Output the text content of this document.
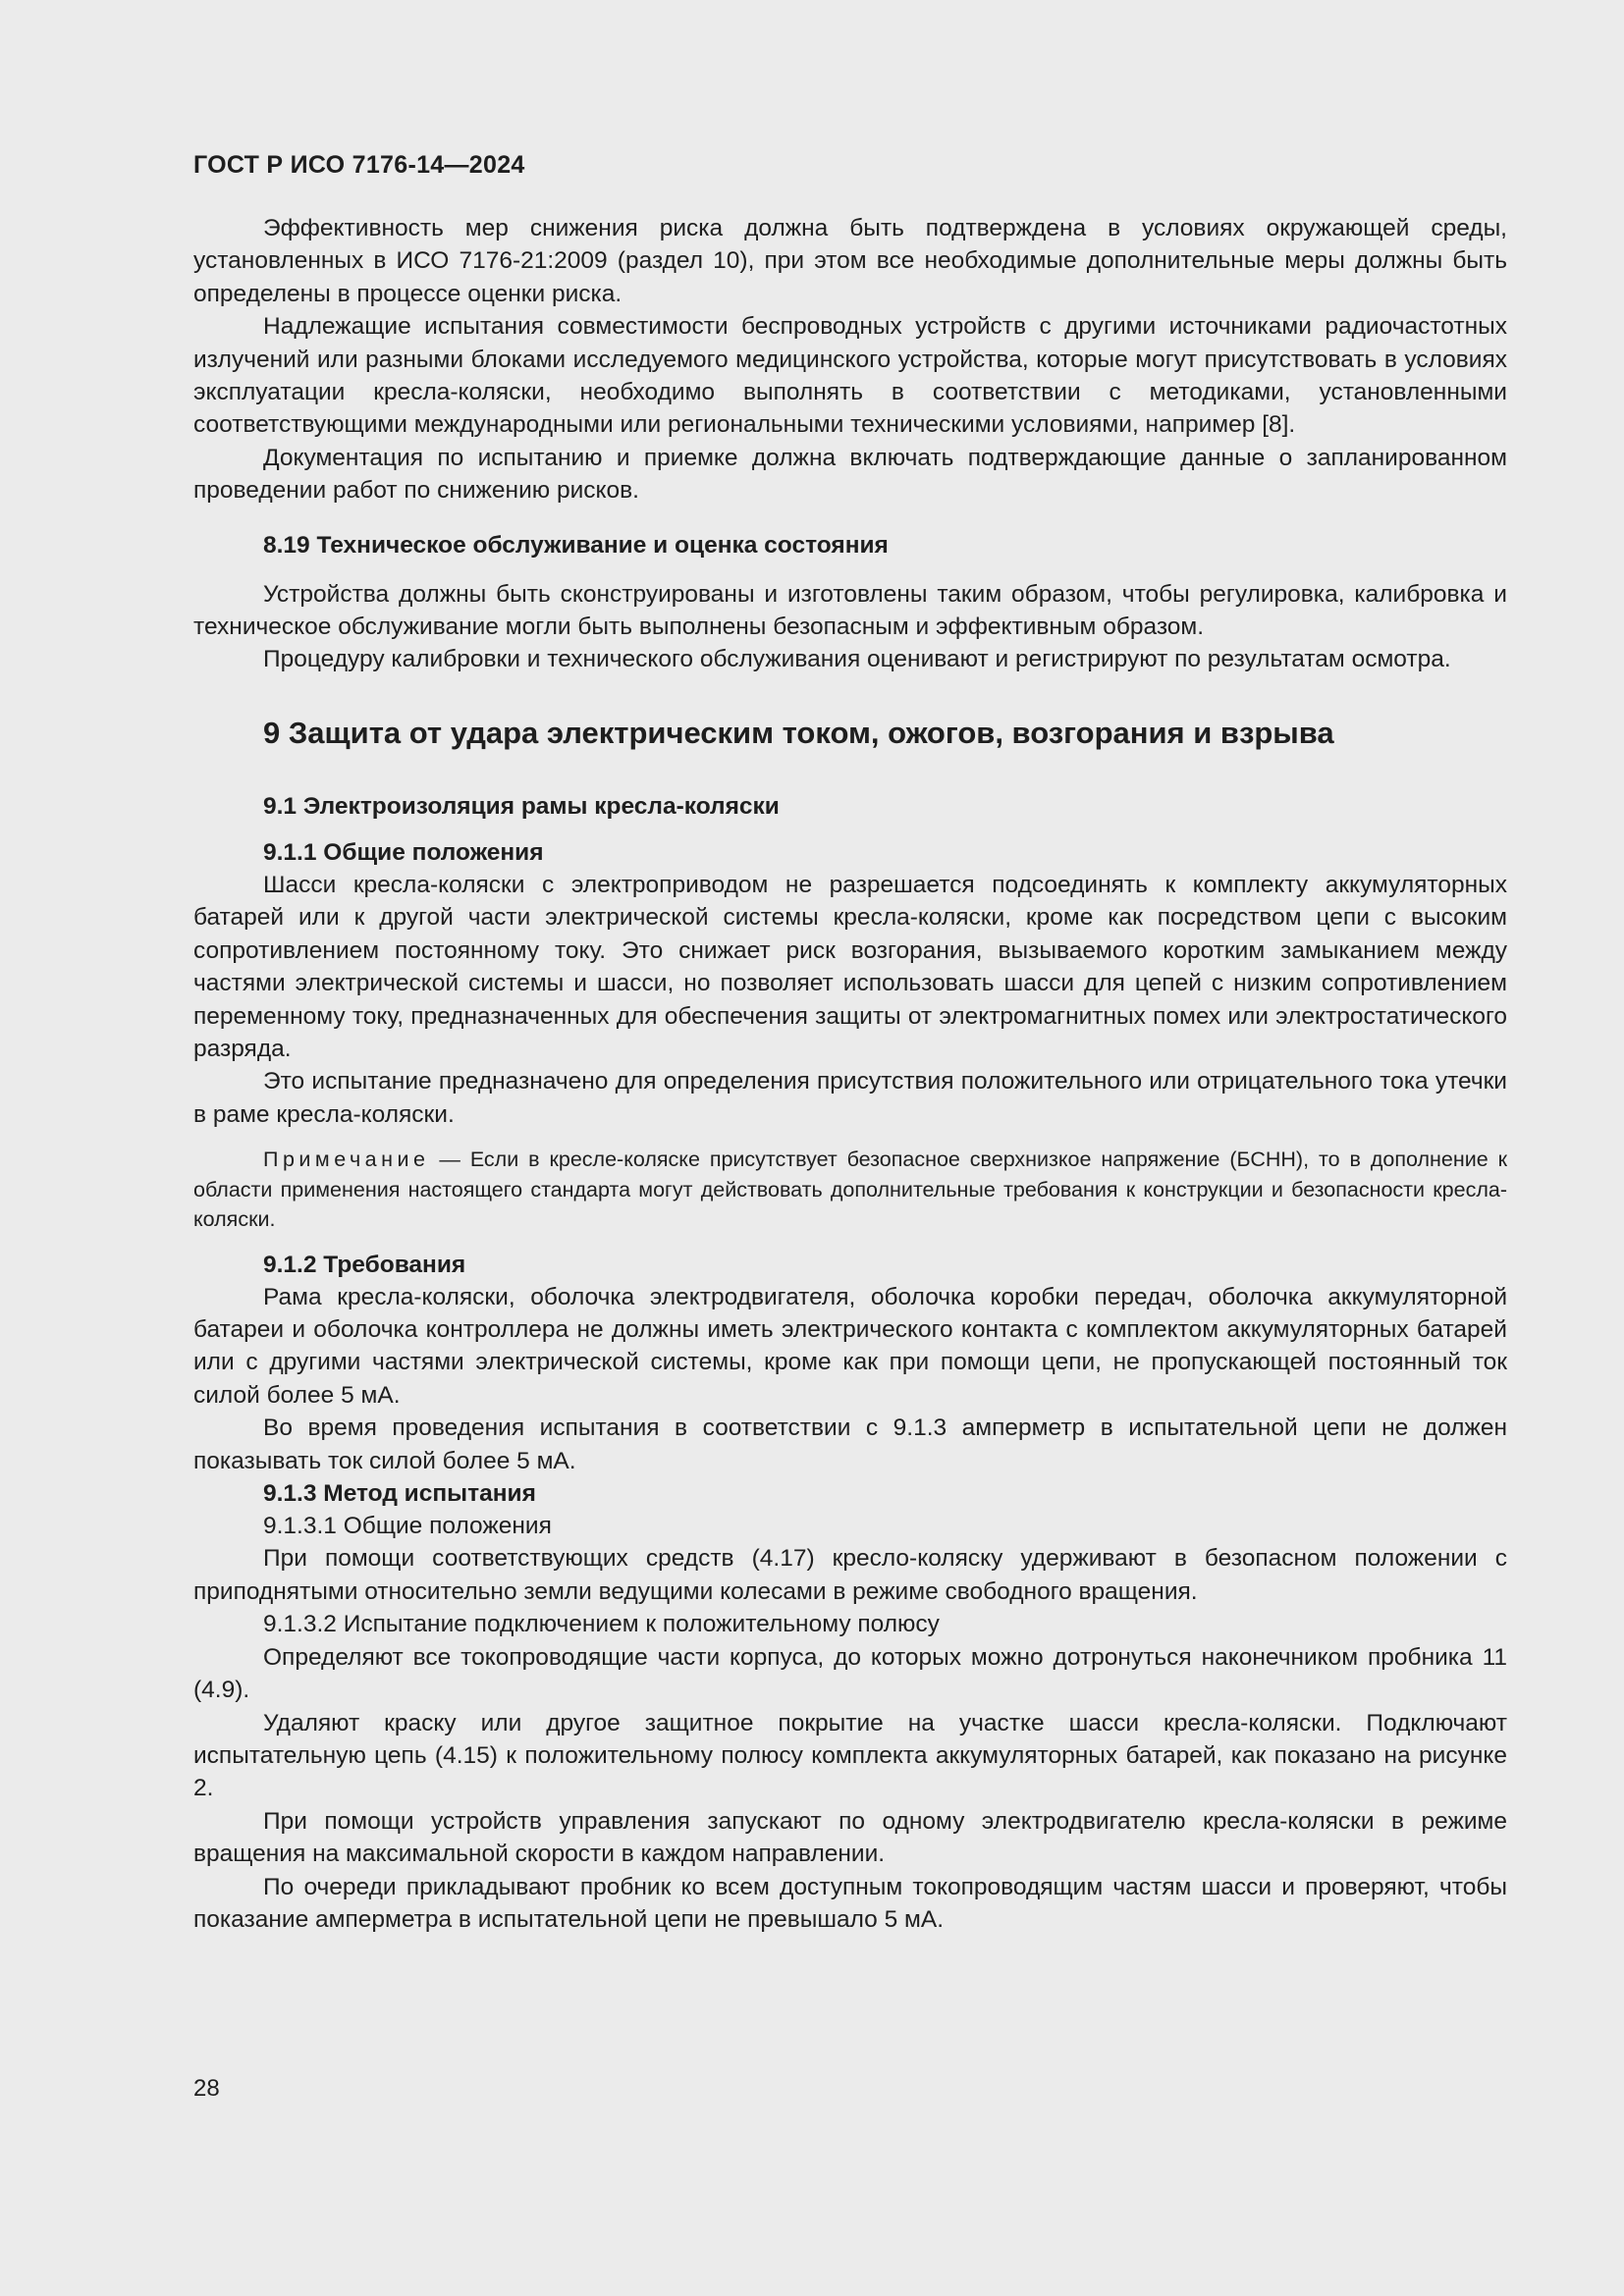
ГОСТ Р ИСО 7176-14—2024

Эффективность мер снижения риска должна быть подтверждена в условиях окружающей среды, установленных в ИСО 7176-21:2009 (раздел 10), при этом все необходимые дополнительные меры должны быть определены в процессе оценки риска.

Надлежащие испытания совместимости беспроводных устройств с другими источниками радиочастотных излучений или разными блоками исследуемого медицинского устройства, которые могут присутствовать в условиях эксплуатации кресла-коляски, необходимо выполнять в соответствии с методиками, установленными соответствующими международными или региональными техническими условиями, например [8].

Документация по испытанию и приемке должна включать подтверждающие данные о запланированном проведении работ по снижению рисков.

8.19 Техническое обслуживание и оценка состояния

Устройства должны быть сконструированы и изготовлены таким образом, чтобы регулировка, калибровка и техническое обслуживание могли быть выполнены безопасным и эффективным образом.

Процедуру калибровки и технического обслуживания оценивают и регистрируют по результатам осмотра.

9 Защита от удара электрическим током, ожогов, возгорания и взрыва
9.1 Электроизоляция рамы кресла-коляски
9.1.1 Общие положения

Шасси кресла-коляски с электроприводом не разрешается подсоединять к комплекту аккумуляторных батарей или к другой части электрической системы кресла-коляски, кроме как посредством цепи с высоким сопротивлением постоянному току. Это снижает риск возгорания, вызываемого коротким замыканием между частями электрической системы и шасси, но позволяет использовать шасси для цепей с низким сопротивлением переменному току, предназначенных для обеспечения защиты от электромагнитных помех или электростатического разряда.

Это испытание предназначено для определения присутствия положительного или отрицательного тока утечки в раме кресла-коляски.

Примечание — Если в кресле-коляске присутствует безопасное сверхнизкое напряжение (БСНН), то в дополнение к области применения настоящего стандарта могут действовать дополнительные требования к конструкции и безопасности кресла-коляски.

9.1.2 Требования

Рама кресла-коляски, оболочка электродвигателя, оболочка коробки передач, оболочка аккумуляторной батареи и оболочка контроллера не должны иметь электрического контакта с комплектом аккумуляторных батарей или с другими частями электрической системы, кроме как при помощи цепи, не пропускающей постоянный ток силой более 5 мА.

Во время проведения испытания в соответствии с 9.1.3 амперметр в испытательной цепи не должен показывать ток силой более 5 мА.

9.1.3 Метод испытания
9.1.3.1 Общие положения

При помощи соответствующих средств (4.17) кресло-коляску удерживают в безопасном положении с приподнятыми относительно земли ведущими колесами в режиме свободного вращения.

9.1.3.2 Испытание подключением к положительному полюсу

Определяют все токопроводящие части корпуса, до которых можно дотронуться наконечником пробника 11 (4.9).

Удаляют краску или другое защитное покрытие на участке шасси кресла-коляски. Подключают испытательную цепь (4.15) к положительному полюсу комплекта аккумуляторных батарей, как показано на рисунке 2.

При помощи устройств управления запускают по одному электродвигателю кресла-коляски в режиме вращения на максимальной скорости в каждом направлении.

По очереди прикладывают пробник ко всем доступным токопроводящим частям шасси и проверяют, чтобы показание амперметра в испытательной цепи не превышало 5 мА.

28
